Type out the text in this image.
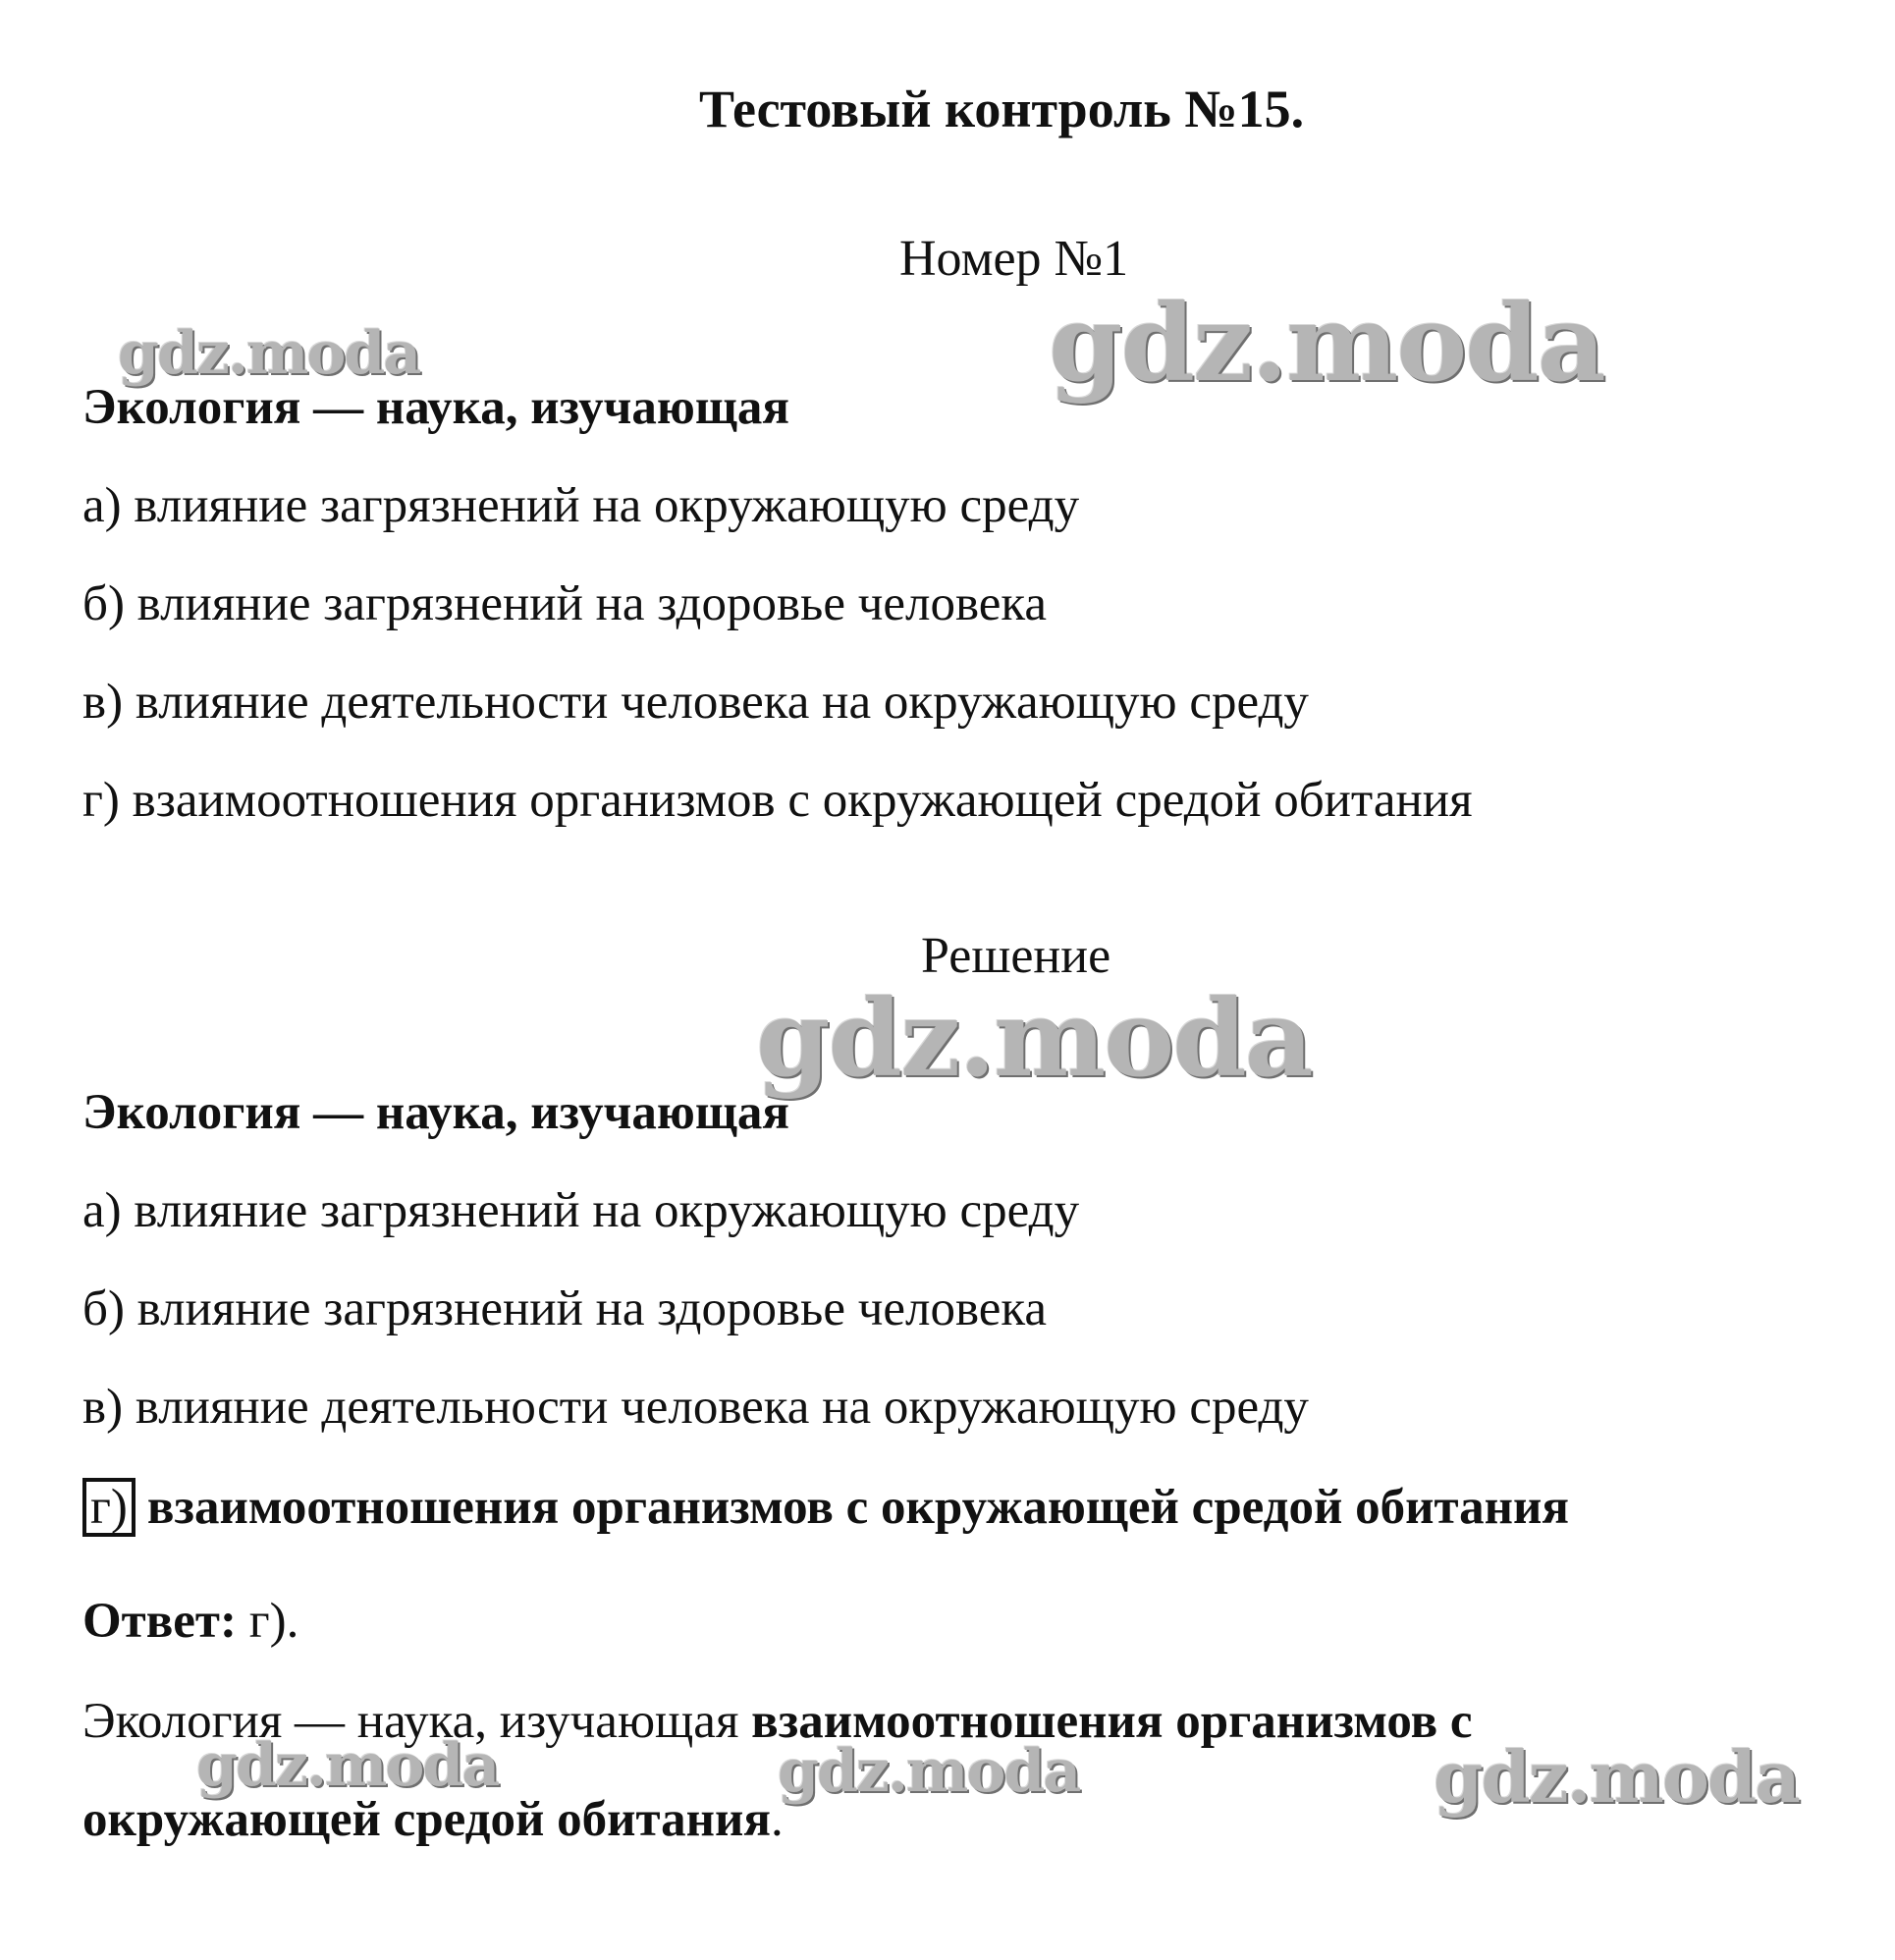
Тестовый контроль №15.
Номер №1
Экология — наука, изучающая
а) влияние загрязнений на окружающую среду
б) влияние загрязнений на здоровье человека
в) влияние деятельности человека на окружающую среду
г) взаимоотношения организмов с окружающей средой обитания
Решение
Экология — наука, изучающая
а) влияние загрязнений на окружающую среду
б) влияние загрязнений на здоровье человека
в) влияние деятельности человека на окружающую среду
г) взаимоотношения организмов с окружающей средой обитания
Ответ: г).
Экология — наука, изучающая взаимоотношения организмов с
окружающей средой обитания.
gdz.moda	gdz.moda
gdz.moda
gdz.moda	gdz.moda	gdz.moda
